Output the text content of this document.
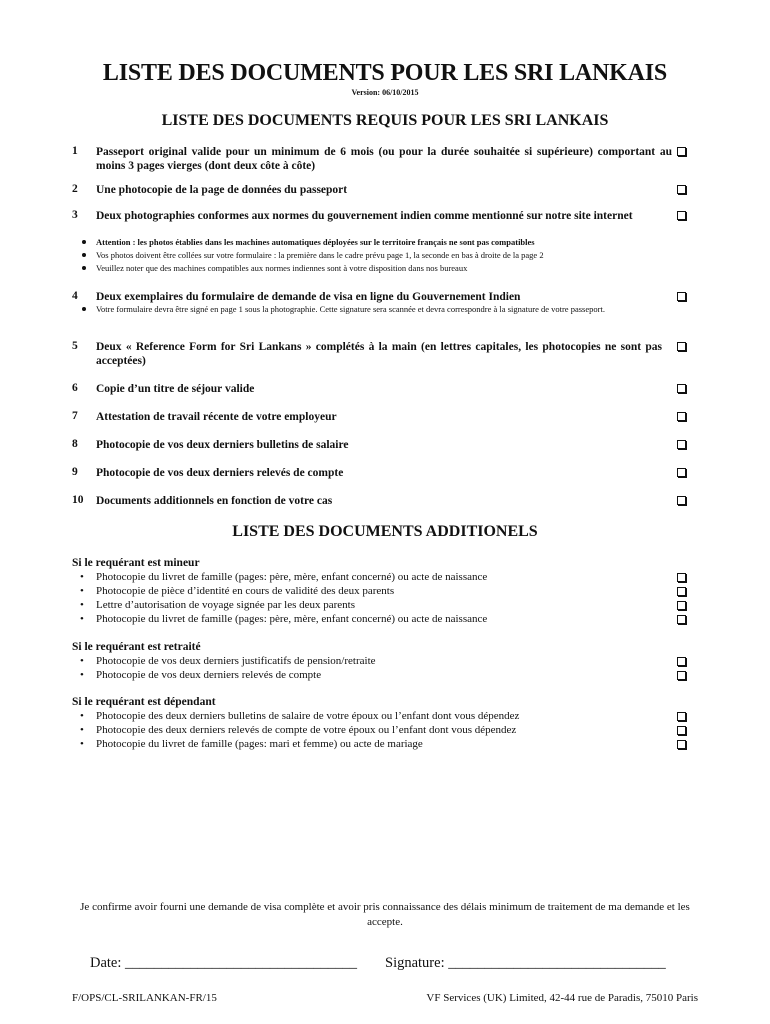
LISTE DES DOCUMENTS POUR LES SRI LANKAIS
Version: 06/10/2015
LISTE DES DOCUMENTS REQUIS POUR LES SRI LANKAIS
1	Passeport original valide pour un minimum de 6 mois (ou pour la durée souhaitée si supérieure) comportant au moins 3 pages vierges (dont deux côte à côte)
2	Une photocopie de la page de données du passeport
3	Deux photographies conformes aux normes du gouvernement indien comme mentionné sur notre site internet
Attention : les photos établies dans les machines automatiques déployées sur le territoire français ne sont pas compatibles
Vos photos doivent être collées sur votre formulaire : la première dans le cadre prévu page 1, la seconde en bas à droite de la page 2
Veuillez noter que des machines compatibles aux normes indiennes sont à votre disposition dans nos bureaux
4	Deux exemplaires du formulaire de demande de visa en ligne du Gouvernement Indien
Votre formulaire devra être signé en page 1 sous la photographie. Cette signature sera scannée et devra correspondre à la signature de votre passeport.
5	Deux « Reference Form for Sri Lankans » complétés à la main (en lettres capitales, les photocopies ne sont pas acceptées)
6	Copie d’un titre de séjour valide
7	Attestation de travail récente de votre employeur
8	Photocopie de vos deux derniers bulletins de salaire
9	Photocopie de vos deux derniers relevés de compte
10	Documents additionnels en fonction de votre cas
LISTE DES DOCUMENTS ADDITIONELS
Si le requérant est mineur
• Photocopie du livret de famille (pages: père, mère, enfant concerné) ou acte de naissance
• Photocopie de pièce d’identité en cours de validité des deux parents
• Lettre d’autorisation de voyage signée par les deux parents
• Photocopie du livret de famille (pages: père, mère, enfant concerné) ou acte de naissance
Si le requérant est retraité
• Photocopie de vos deux derniers justificatifs de pension/retraite
• Photocopie de vos deux derniers relevés de compte
Si le requérant est dépendant
• Photocopie des deux derniers bulletins de salaire de votre époux ou l’enfant dont vous dépendez
• Photocopie des deux derniers relevés de compte de votre époux ou l’enfant dont vous dépendez
• Photocopie du livret de famille (pages: mari et femme) ou acte de mariage
Je confirme avoir fourni une demande de visa complète et avoir pris connaissance des délais minimum de traitement de ma demande et les accepte.
Date: ________________________________ Signature: ______________________________
F/OPS/CL-SRILANKAN-FR/15	VF Services (UK) Limited, 42-44 rue de Paradis, 75010 Paris
